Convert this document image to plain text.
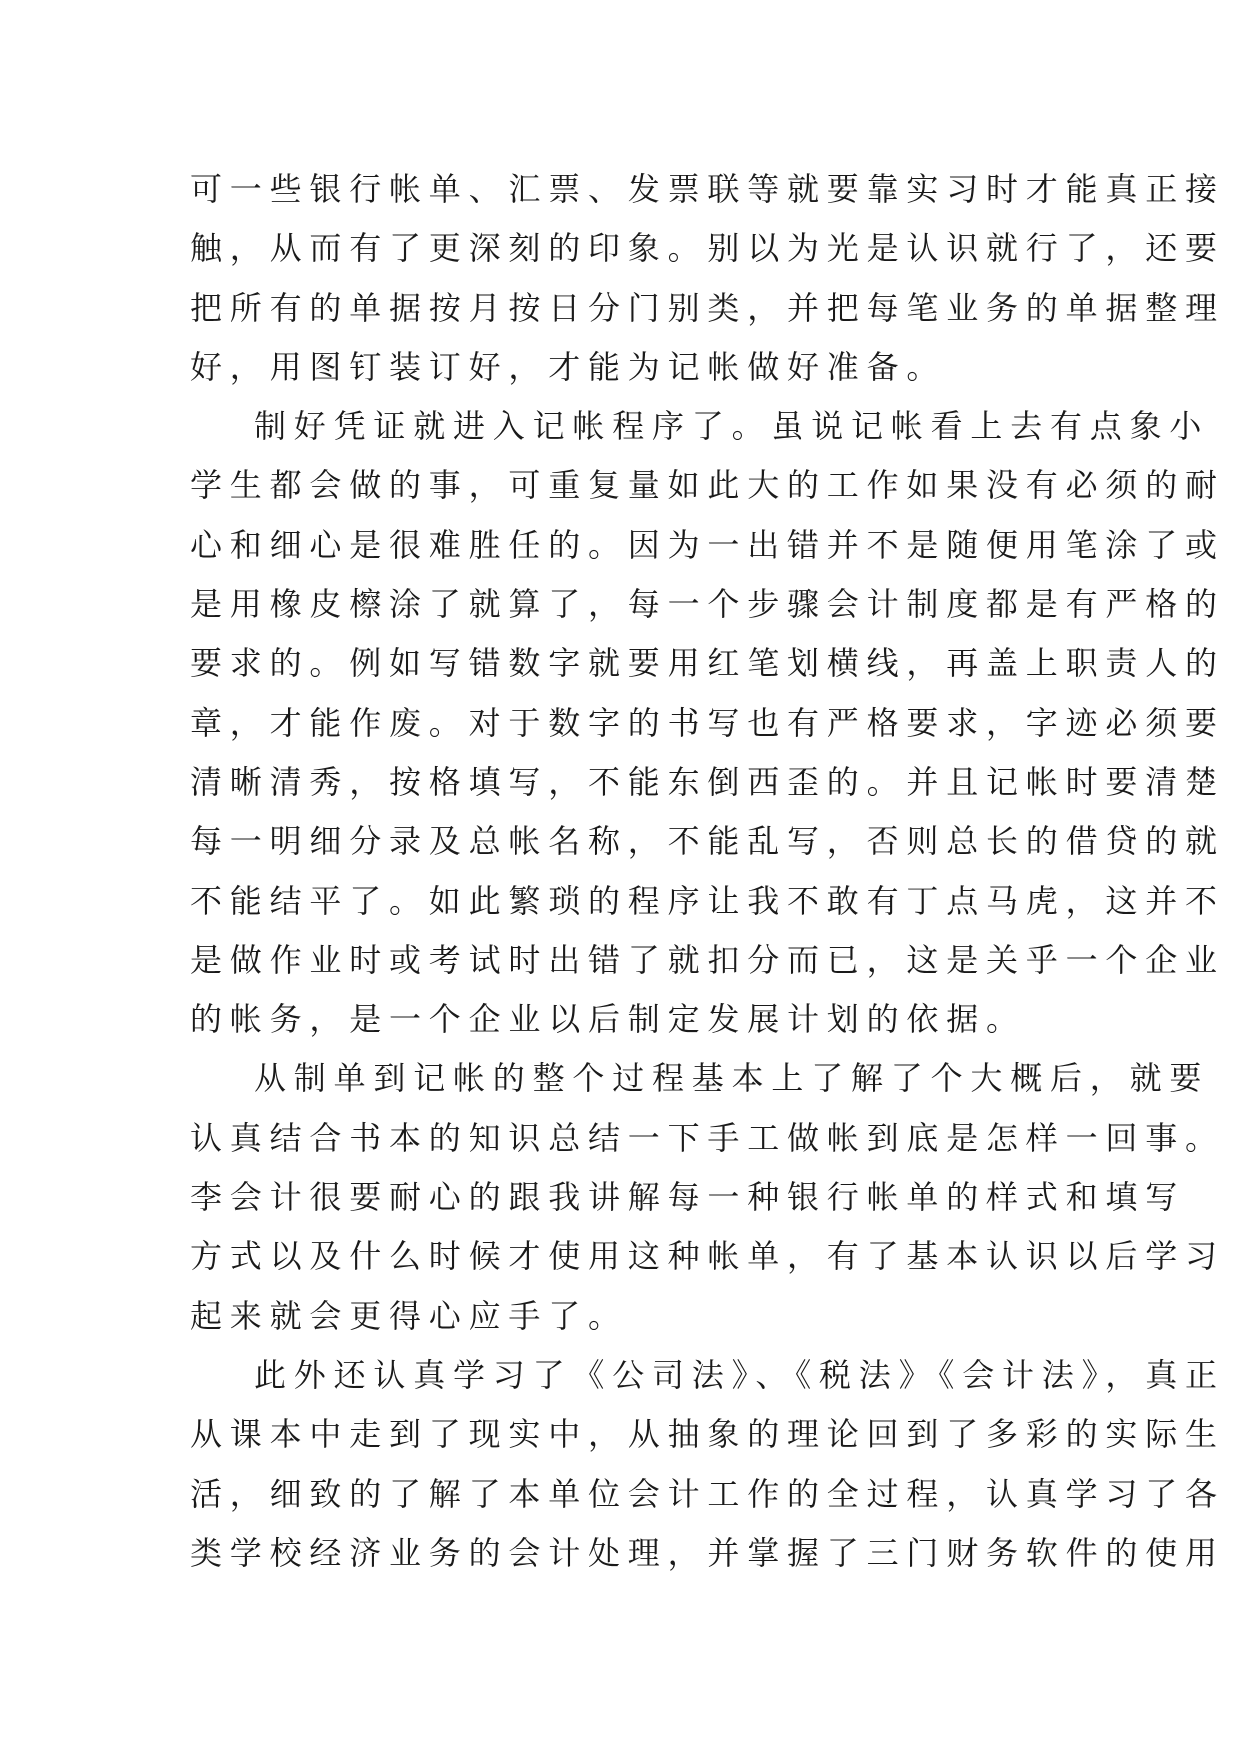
可一些银行帐单、汇票、发票联等就要靠实习时才能真正接
触，从而有了更深刻的印象。别以为光是认识就行了，还要
把所有的单据按月按日分门别类，并把每笔业务的单据整理
好，用图钉装订好，才能为记帐做好准备。
制好凭证就进入记帐程序了。虽说记帐看上去有点象小
学生都会做的事，可重复量如此大的工作如果没有必须的耐
心和细心是很难胜任的。因为一出错并不是随便用笔涂了或
是用橡皮檫涂了就算了，每一个步骤会计制度都是有严格的
要求的。例如写错数字就要用红笔划横线，再盖上职责人的
章，才能作废。对于数字的书写也有严格要求，字迹必须要
清晰清秀，按格填写，不能东倒西歪的。并且记帐时要清楚
每一明细分录及总帐名称，不能乱写，否则总长的借贷的就
不能结平了。如此繁琐的程序让我不敢有丁点马虎，这并不
是做作业时或考试时出错了就扣分而已，这是关乎一个企业
的帐务，是一个企业以后制定发展计划的依据。
从制单到记帐的整个过程基本上了解了个大概后，就要
认真结合书本的知识总结一下手工做帐到底是怎样一回事。
李会计很要耐心的跟我讲解每一种银行帐单的样式和填写
方式以及什么时候才使用这种帐单，有了基本认识以后学习
起来就会更得心应手了。
此外还认真学习了《公司法》、《税法》《会计法》，真正
从课本中走到了现实中，从抽象的理论回到了多彩的实际生
活，细致的了解了本单位会计工作的全过程，认真学习了各
类学校经济业务的会计处理，并掌握了三门财务软件的使用
